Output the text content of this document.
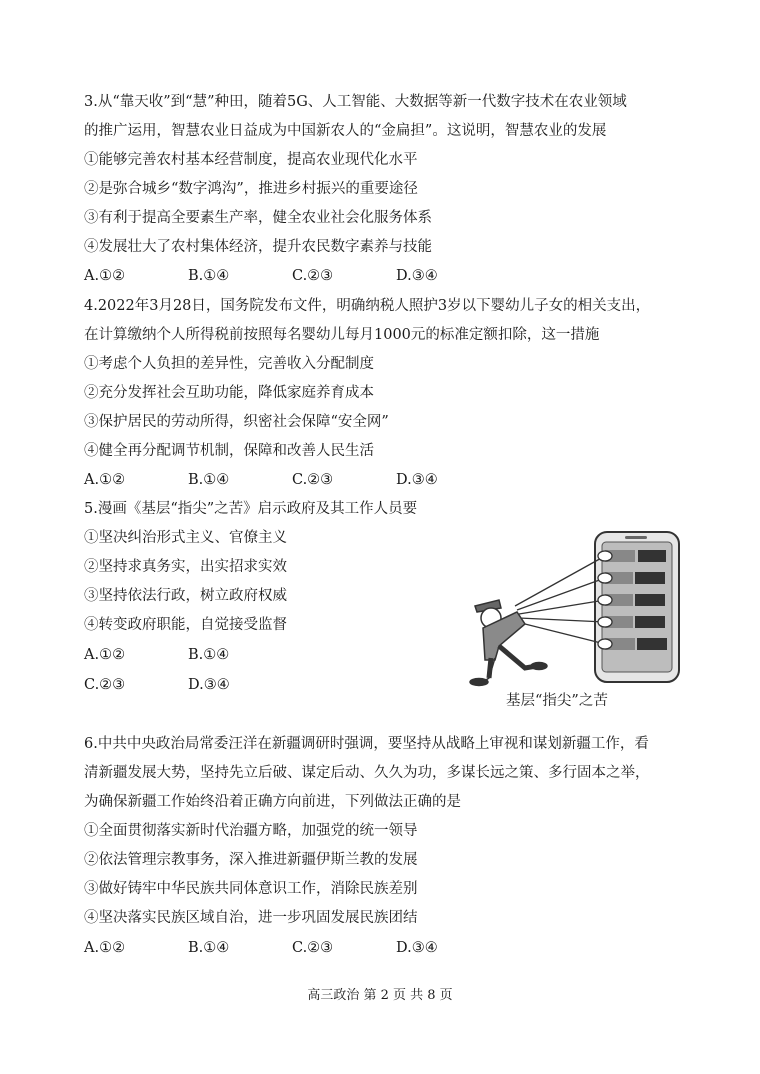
3.从“靠天收”到“慧”种田，随着5G、人工智能、大数据等新一代数字技术在农业领域
的推广运用，智慧农业日益成为中国新农人的“金扁担”。这说明，智慧农业的发展
①能够完善农村基本经营制度，提高农业现代化水平
②是弥合城乡“数字鸿沟”，推进乡村振兴的重要途径
③有利于提高全要素生产率，健全农业社会化服务体系
④发展壮大了农村集体经济，提升农民数字素养与技能
A.①②	B.①④	C.②③	D.③④
4.2022年3月28日，国务院发布文件，明确纳税人照护3岁以下婴幼儿子女的相关支出，
在计算缴纳个人所得税前按照每名婴幼儿每月1000元的标准定额扣除，这一措施
①考虑个人负担的差异性，完善收入分配制度
②充分发挥社会互助功能，降低家庭养育成本
③保护居民的劳动所得，织密社会保障“安全网”
④健全再分配调节机制，保障和改善人民生活
A.①②	B.①④	C.②③	D.③④
5.漫画《基层“指尖”之苦》启示政府及其工作人员要
①坚决纠治形式主义、官僚主义
②坚持求真务实，出实招求实效
③坚持依法行政，树立政府权威
④转变政府职能，自觉接受监督
A.①②	B.①④
C.②③	D.③④
基层“指尖”之苦
6.中共中央政治局常委汪洋在新疆调研时强调，要坚持从战略上审视和谋划新疆工作，看
清新疆发展大势，坚持先立后破、谋定后动、久久为功，多谋长远之策、多行固本之举，
为确保新疆工作始终沿着正确方向前进，下列做法正确的是
①全面贯彻落实新时代治疆方略，加强党的统一领导
②依法管理宗教事务，深入推进新疆伊斯兰教的发展
③做好铸牢中华民族共同体意识工作，消除民族差别
④坚决落实民族区域自治，进一步巩固发展民族团结
A.①②	B.①④	C.②③	D.③④
高三政治 第 2 页 共 8 页
